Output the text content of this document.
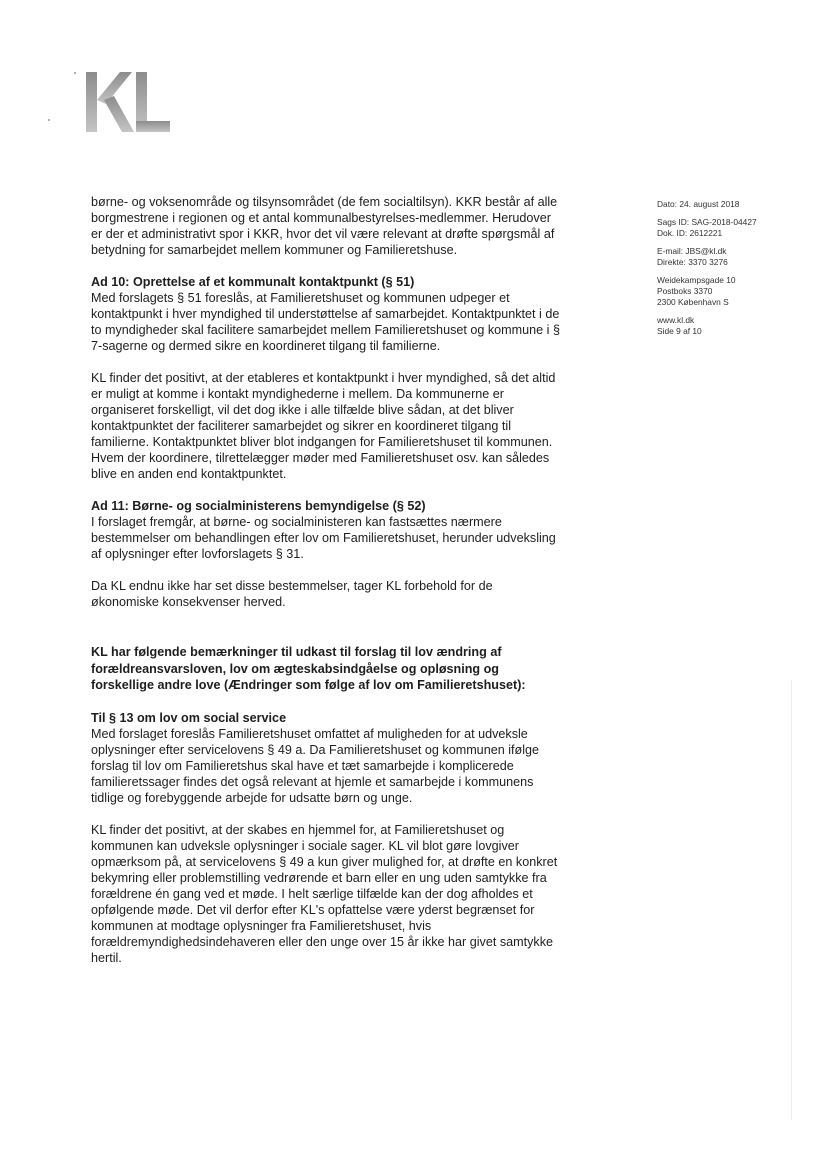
Dato: 24. august 2018
Sags ID: SAG-2018-04427
Dok. ID: 2612221
E-mail: JBS@kl.dk
Direkte: 3370 3276
Weidekampsgade 10
Postboks 3370
2300 København S
www.kl.dk
Side 9 af 10

børne- og voksenområde og tilsynsområdet (de fem socialtilsyn). KKR består af alle borgmestrene i regionen og et antal kommunalbestyrelses-medlemmer. Herudover er der et administrativt spor i KKR, hvor det vil være relevant at drøfte spørgsmål af betydning for samarbejdet mellem kommuner og Familieretshuse.

Ad 10: Oprettelse af et kommunalt kontaktpunkt (§ 51)

Med forslagets § 51 foreslås, at Familieretshuset og kommunen udpeger et kontaktpunkt i hver myndighed til understøttelse af samarbejdet. Kontaktpunktet i de to myndigheder skal facilitere samarbejdet mellem Familieretshuset og kommune i § 7-sagerne og dermed sikre en koordineret tilgang til familierne.

KL finder det positivt, at der etableres et kontaktpunkt i hver myndighed, så det altid er muligt at komme i kontakt myndighederne i mellem. Da kommunerne er organiseret forskelligt, vil det dog ikke i alle tilfælde blive sådan, at det bliver kontaktpunktet der faciliterer samarbejdet og sikrer en koordineret tilgang til familierne. Kontaktpunktet bliver blot indgangen for Familieretshuset til kommunen. Hvem der koordinere, tilrettelægger møder med Familieretshuset osv. kan således blive en anden end kontaktpunktet.

Ad 11: Børne- og socialministerens bemyndigelse (§ 52)

I forslaget fremgår, at børne- og socialministeren kan fastsættes nærmere bestemmelser om behandlingen efter lov om Familieretshuset, herunder udveksling af oplysninger efter lovforslagets § 31.

Da KL endnu ikke har set disse bestemmelser, tager KL forbehold for de økonomiske konsekvenser herved.

KL har følgende bemærkninger til udkast til forslag til lov ændring af forældreansvarsloven, lov om ægteskabsindgåelse og opløsning og forskellige andre love (Ændringer som følge af lov om Familieretshuset):
Til § 13 om lov om social service

Med forslaget foreslås Familieretshuset omfattet af muligheden for at udveksle oplysninger efter servicelovens § 49 a. Da Familieretshuset og kommunen ifølge forslag til lov om Familieretshus skal have et tæt samarbejde i komplicerede familieretssager findes det også relevant at hjemle et samarbejde i kommunens tidlige og forebyggende arbejde for udsatte børn og unge.

KL finder det positivt, at der skabes en hjemmel for, at Familieretshuset og kommunen kan udveksle oplysninger i sociale sager. KL vil blot gøre lovgiver opmærksom på, at servicelovens § 49 a kun giver mulighed for, at drøfte en konkret bekymring eller problemstilling vedrørende et barn eller en ung uden samtykke fra forældrene én gang ved et møde. I helt særlige tilfælde kan der dog afholdes et opfølgende møde. Det vil derfor efter KL's opfattelse være yderst begrænset for kommunen at modtage oplysninger fra Familieretshuset, hvis forældremyndighedsindehaveren eller den unge over 15 år ikke har givet samtykke hertil.
